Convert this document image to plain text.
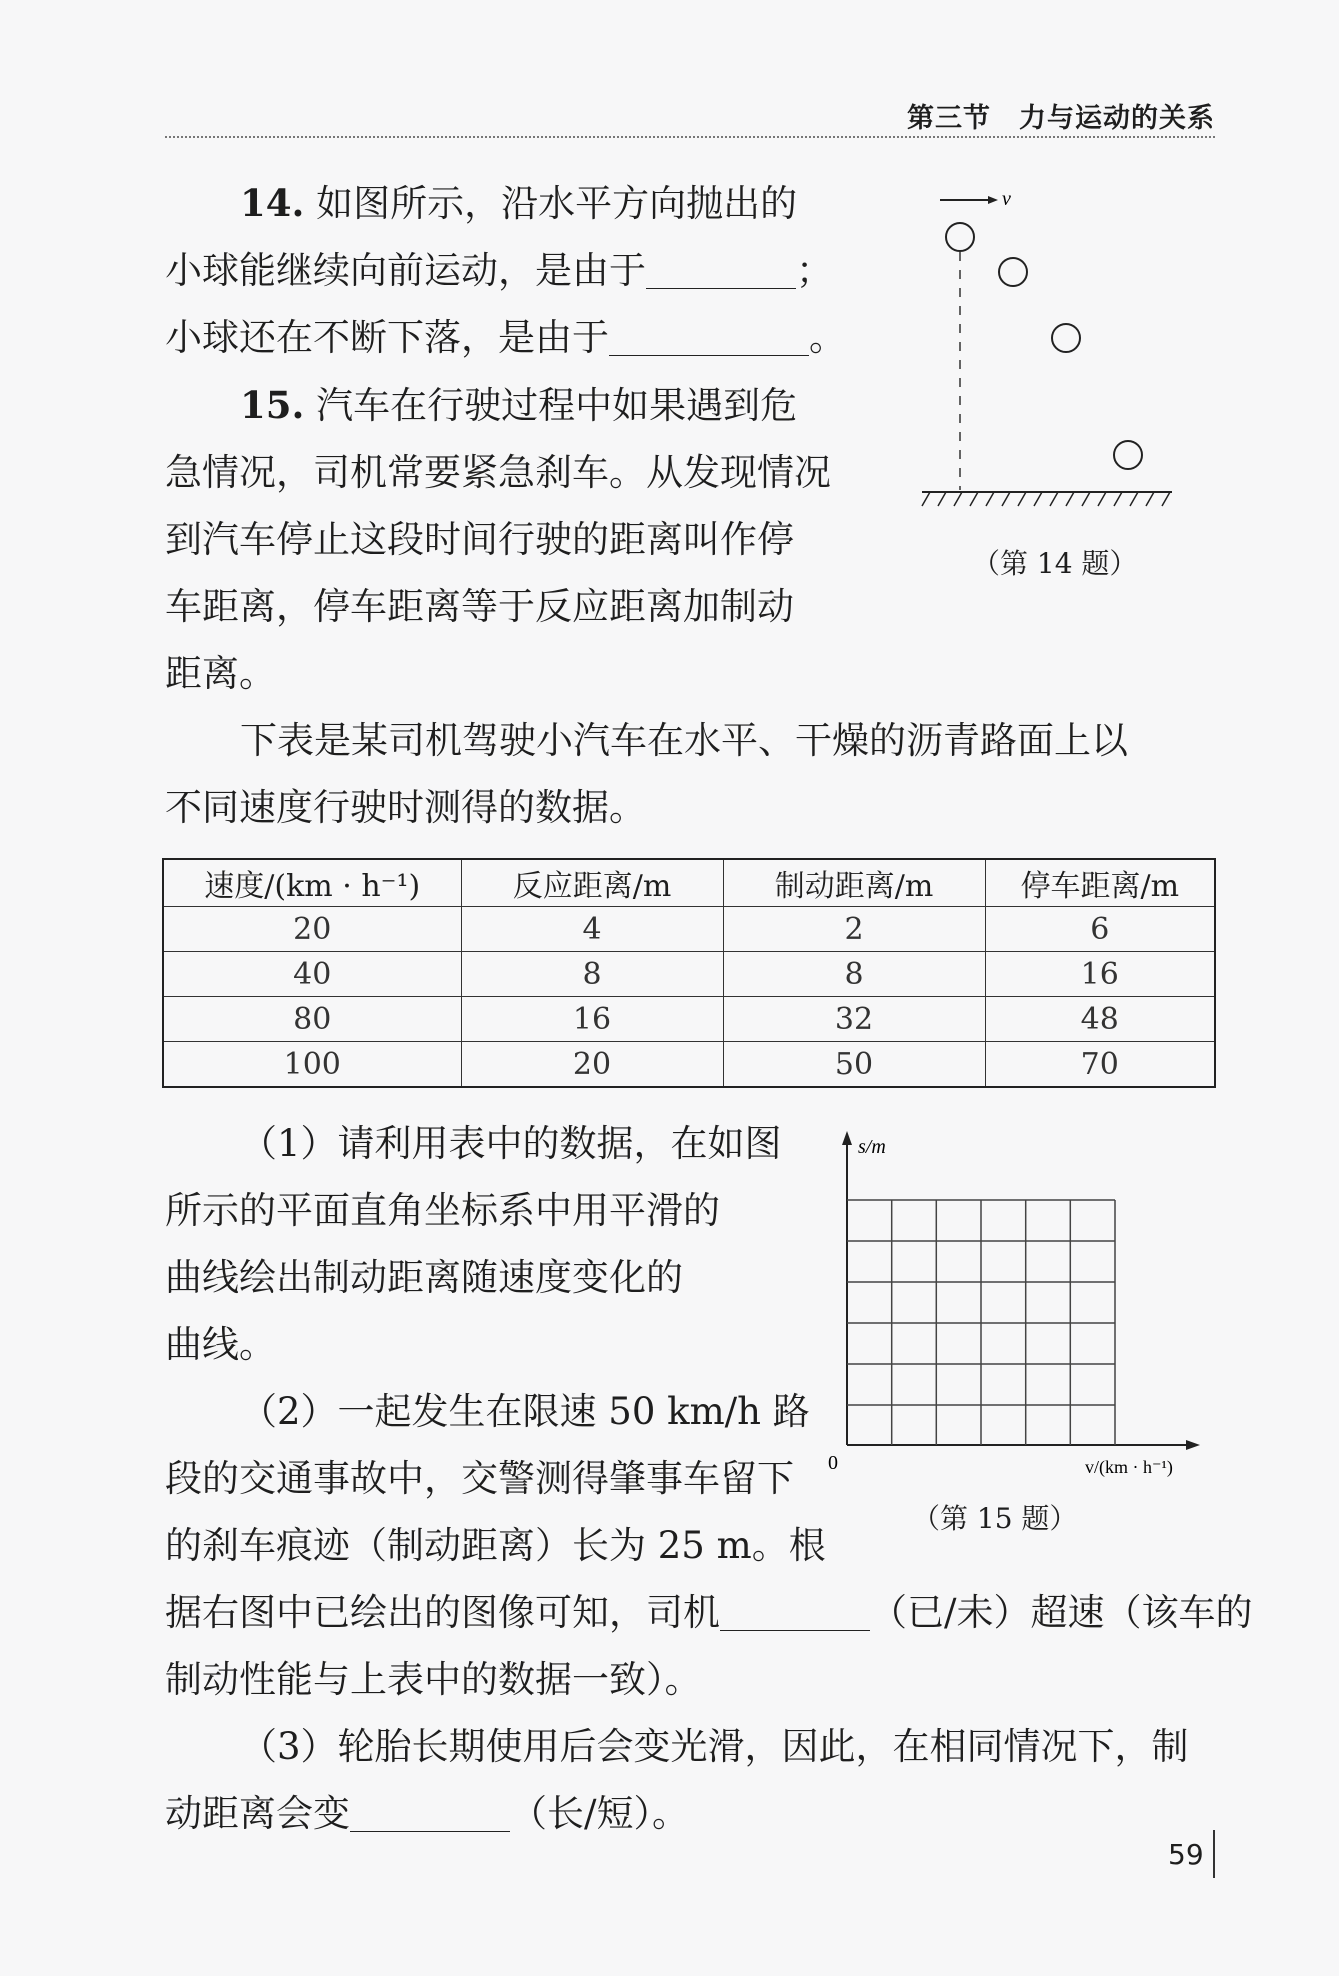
第三节　力与运动的关系
14. 如图所示，沿水平方向抛出的
小球能继续向前运动，是由于	；
小球还在不断下落，是由于	。
v
（第 14 题）
15. 汽车在行驶过程中如果遇到危
急情况，司机常要紧急刹车。从发现情况
到汽车停止这段时间行驶的距离叫作停
车距离，停车距离等于反应距离加制动
距离。
下表是某司机驾驶小汽车在水平、干燥的沥青路面上以
不同速度行驶时测得的数据。
速度/(km · h⁻¹)	反应距离/m	制动距离/m	停车距离/m
20	4	2	6
40	8	8	16
80	16	32	48
100	20	50	70
（1）请利用表中的数据，在如图
所示的平面直角坐标系中用平滑的
曲线绘出制动距离随速度变化的
曲线。
（2）一起发生在限速 50 km/h 路
段的交通事故中，交警测得肇事车留下
的刹车痕迹（制动距离）长为 25 m。根
据右图中已绘出的图像可知，司机	（已/未）超速（该车的
制动性能与上表中的数据一致）。
（3）轮胎长期使用后会变光滑，因此，在相同情况下，制
动距离会变	（长/短）。
s/m
0	v/(km · h⁻¹)
（第 15 题）
59
